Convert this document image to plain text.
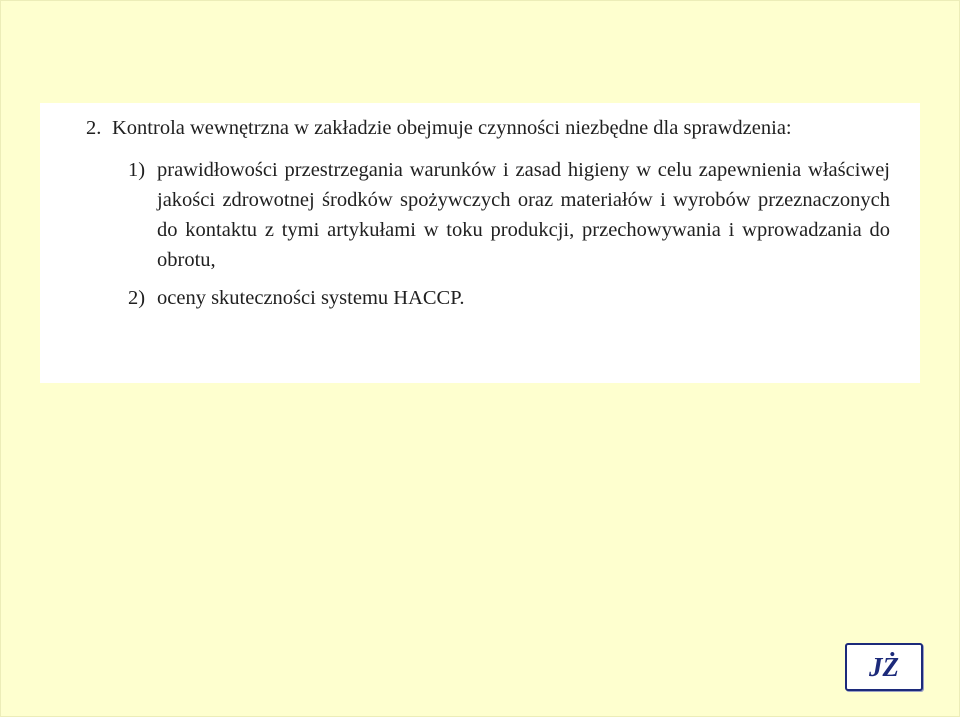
2. Kontrola wewnętrzna w zakładzie obejmuje czynności niezbędne dla sprawdzenia:
1) prawidłowości przestrzegania warunków i zasad higieny w celu zapewnienia właściwej jakości zdrowotnej środków spożywczych oraz materiałów i wyrobów przeznaczonych do kontaktu z tymi artykułami w toku produkcji, przechowywania i wprowadzania do obrotu,
2) oceny skuteczności systemu HACCP.
JŻ
